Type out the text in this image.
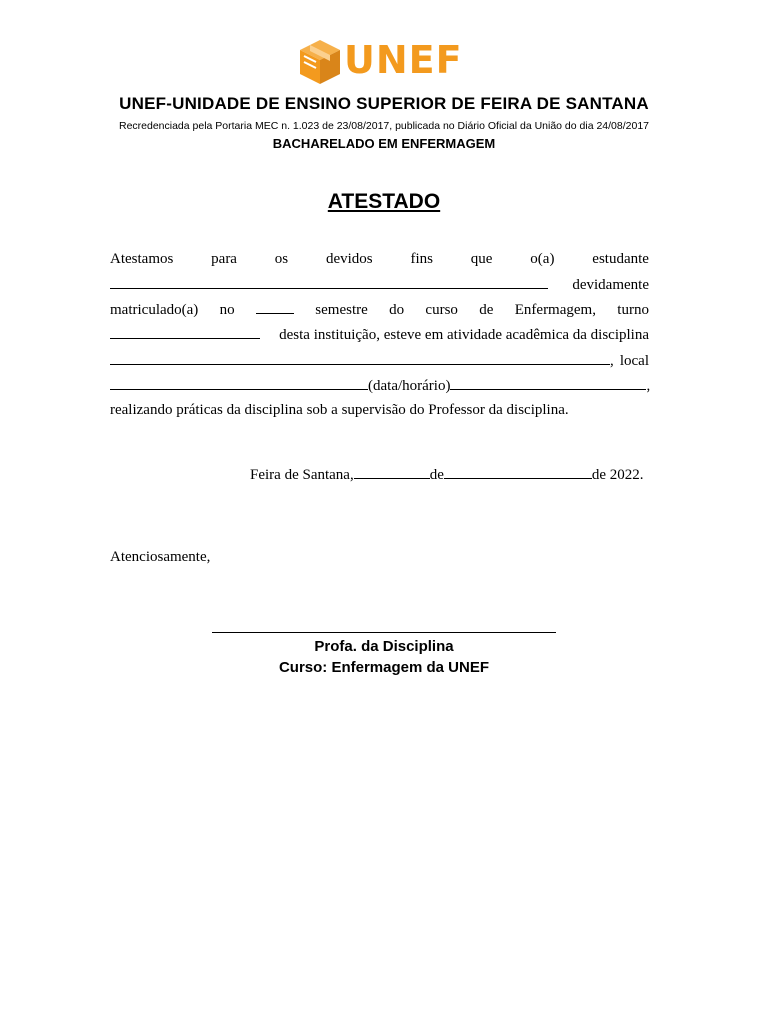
UNEF
UNEF-UNIDADE DE ENSINO SUPERIOR DE FEIRA DE SANTANA
Recredenciada pela Portaria MEC n. 1.023 de 23/08/2017, publicada no Diário Oficial da União do dia 24/08/2017
BACHARELADO EM ENFERMAGEM
ATESTADO
Atestamos	para	os	devidos	fins	que	o(a)	estudante
devidamente
matriculado(a) no	semestre do curso de Enfermagem, turno
desta instituição, esteve em atividade acadêmica da disciplina
, local
(data/horário)	,
realizando práticas da disciplina sob a supervisão do Professor da disciplina.
Feira de Santana,	de	de 2022.
Atenciosamente,
Profa. da Disciplina
Curso: Enfermagem da UNEF
